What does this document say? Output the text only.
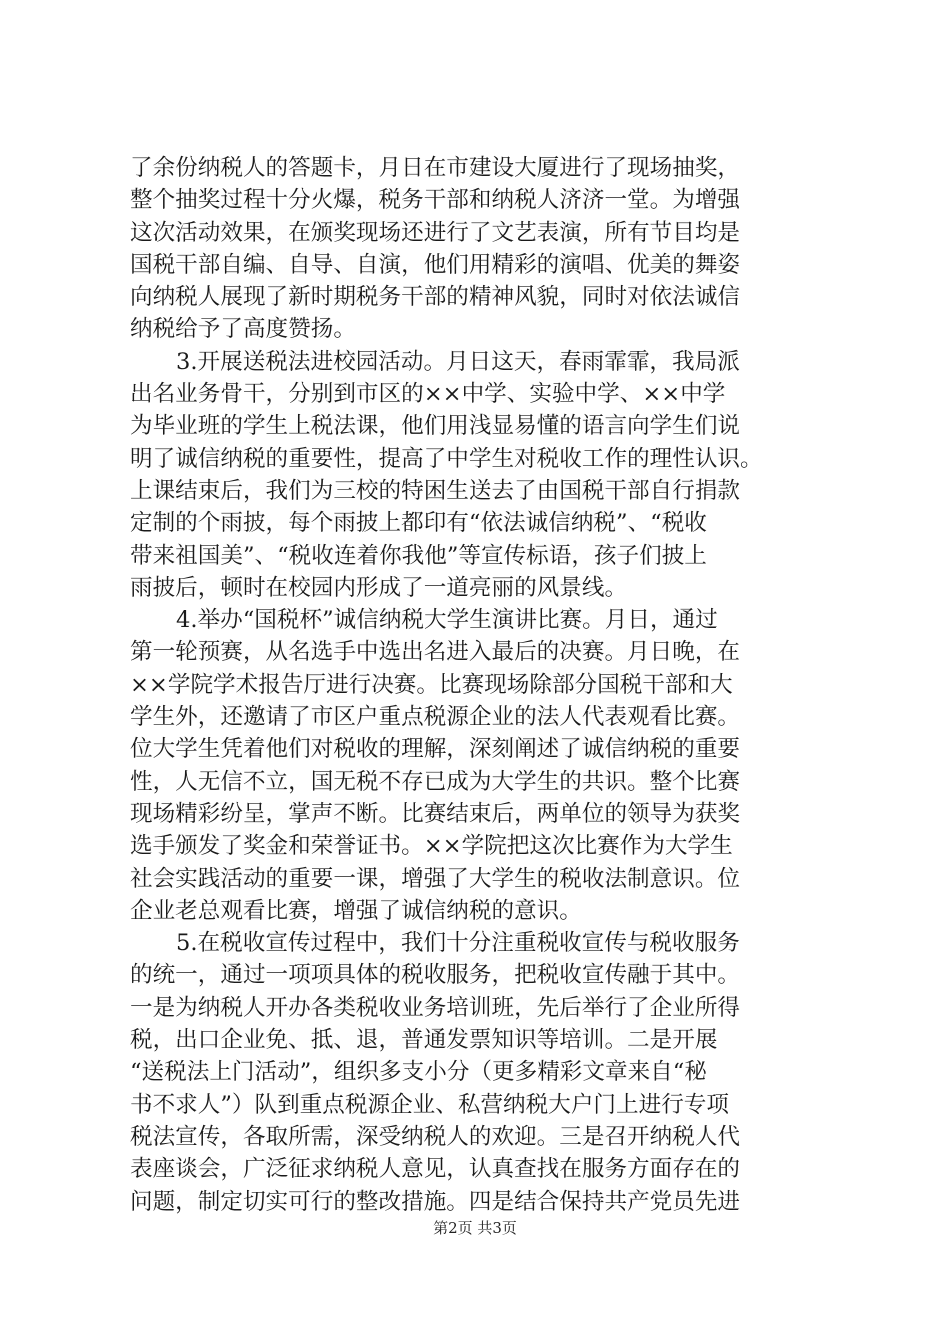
了余份纳税人的答题卡，月日在市建设大厦进行了现场抽奖，
整个抽奖过程十分火爆，税务干部和纳税人济济一堂。为增强
这次活动效果，在颁奖现场还进行了文艺表演，所有节目均是
国税干部自编、自导、自演，他们用精彩的演唱、优美的舞姿
向纳税人展现了新时期税务干部的精神风貌，同时对依法诚信
纳税给予了高度赞扬。
3.开展送税法进校园活动。月日这天，春雨霏霏，我局派
出名业务骨干，分别到市区的××中学、实验中学、××中学
为毕业班的学生上税法课，他们用浅显易懂的语言向学生们说
明了诚信纳税的重要性，提高了中学生对税收工作的理性认识。
上课结束后，我们为三校的特困生送去了由国税干部自行捐款
定制的个雨披，每个雨披上都印有“依法诚信纳税”、“税收
带来祖国美”、“税收连着你我他”等宣传标语，孩子们披上
雨披后，顿时在校园内形成了一道亮丽的风景线。
4.举办“国税杯”诚信纳税大学生演讲比赛。月日，通过
第一轮预赛，从名选手中选出名进入最后的决赛。月日晚，在
××学院学术报告厅进行决赛。比赛现场除部分国税干部和大
学生外，还邀请了市区户重点税源企业的法人代表观看比赛。
位大学生凭着他们对税收的理解，深刻阐述了诚信纳税的重要
性，人无信不立，国无税不存已成为大学生的共识。整个比赛
现场精彩纷呈，掌声不断。比赛结束后，两单位的领导为获奖
选手颁发了奖金和荣誉证书。××学院把这次比赛作为大学生
社会实践活动的重要一课，增强了大学生的税收法制意识。位
企业老总观看比赛，增强了诚信纳税的意识。
5.在税收宣传过程中，我们十分注重税收宣传与税收服务
的统一，通过一项项具体的税收服务，把税收宣传融于其中。
一是为纳税人开办各类税收业务培训班，先后举行了企业所得
税，出口企业免、抵、退，普通发票知识等培训。二是开展
“送税法上门活动”，组织多支小分（更多精彩文章来自“秘
书不求人”）队到重点税源企业、私营纳税大户门上进行专项
税法宣传，各取所需，深受纳税人的欢迎。三是召开纳税人代
表座谈会，广泛征求纳税人意见，认真查找在服务方面存在的
问题，制定切实可行的整改措施。四是结合保持共产党员先进
第2页 共3页
